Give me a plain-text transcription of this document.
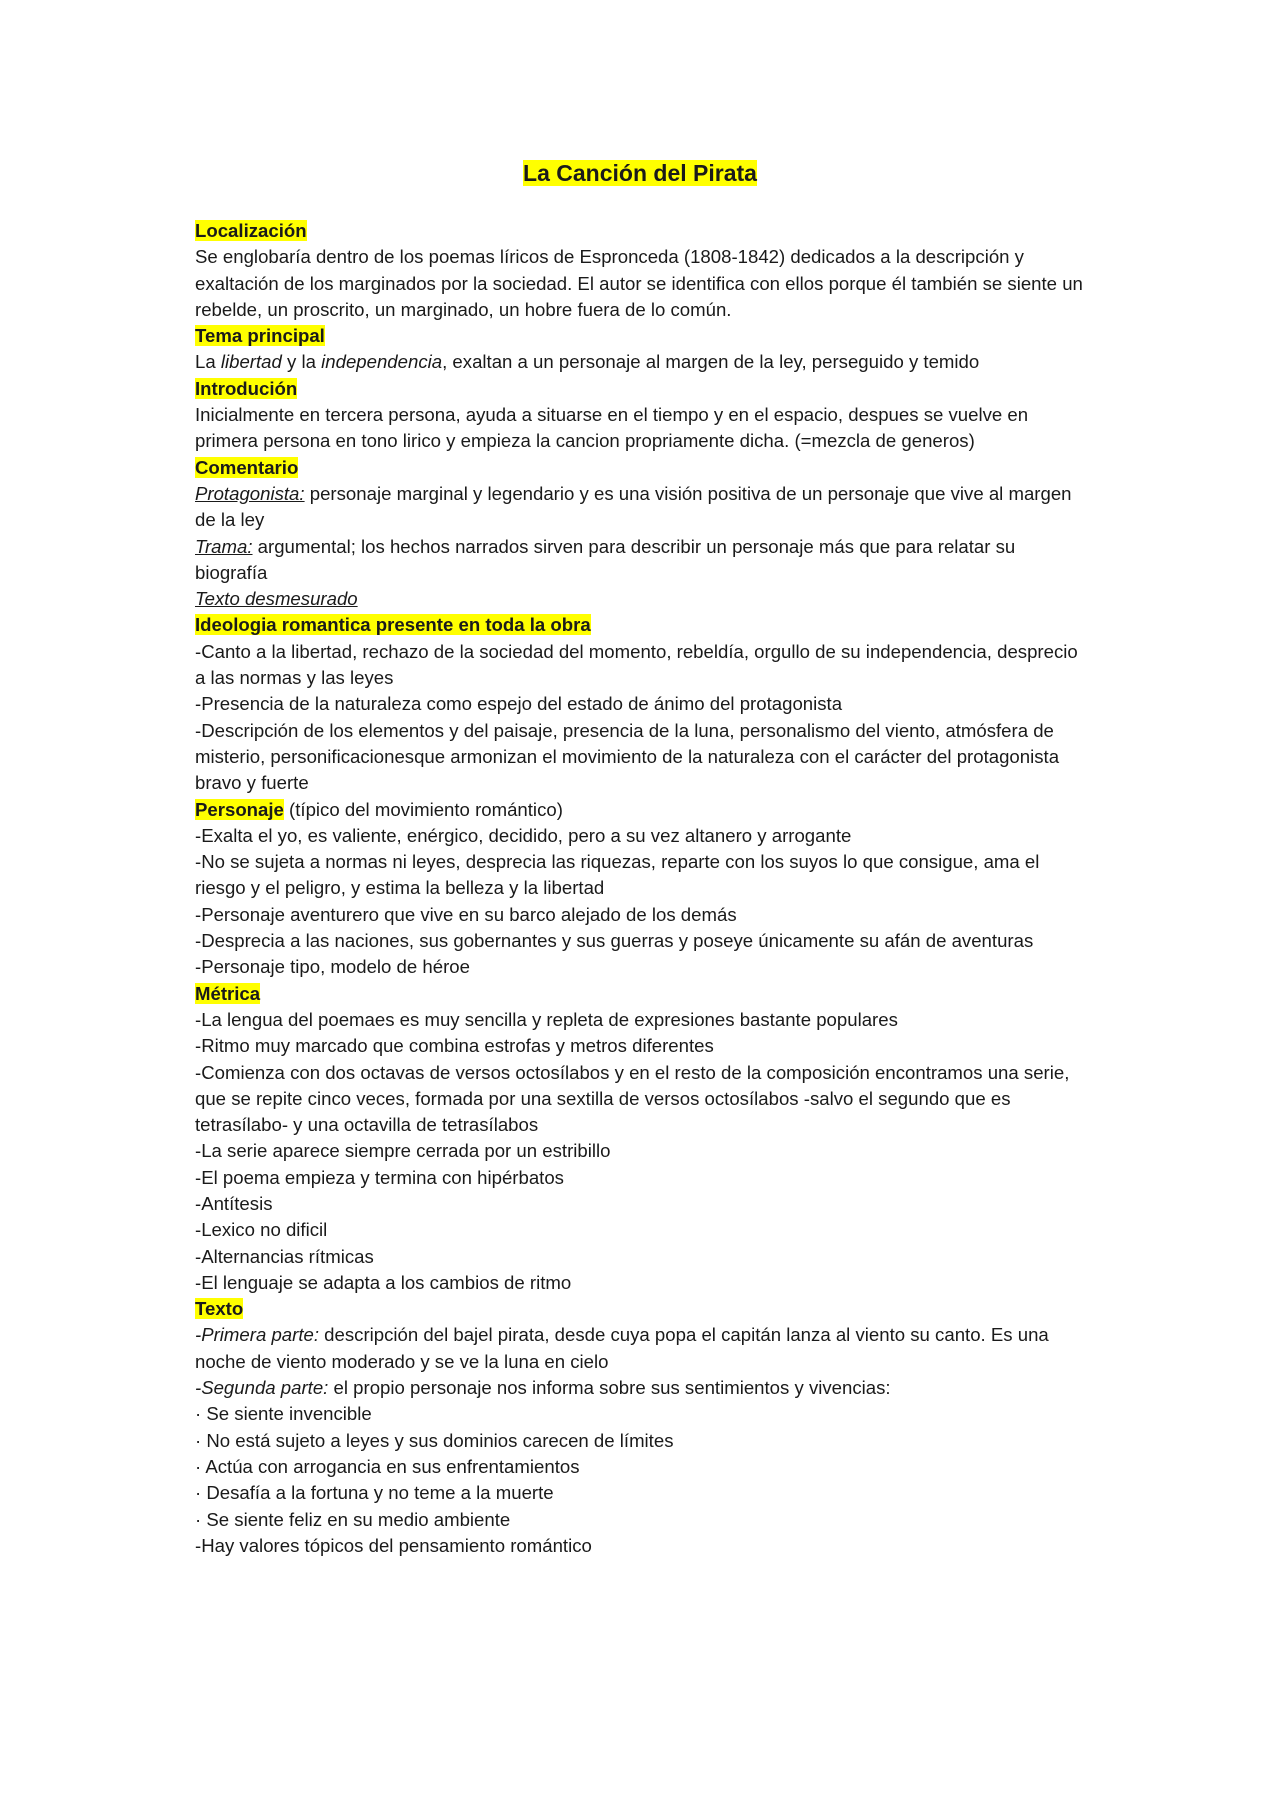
La Canción del Pirata

Localización

Se englobaría dentro de los poemas líricos de Espronceda (1808-1842) dedicados a la descripción y exaltación de los marginados por la sociedad. El autor se identifica con ellos porque él también se siente un rebelde, un proscrito, un marginado, un hobre fuera de lo común.

Tema principal

La libertad y la independencia, exaltan a un personaje al margen de la ley, perseguido y temido

Introdución

Inicialmente en tercera persona, ayuda a situarse en el tiempo y en el espacio, despues se vuelve en primera persona en tono lirico y empieza la cancion propriamente dicha. (=mezcla de generos)

Comentario

Protagonista: personaje marginal y legendario y es una visión positiva de un personaje que vive al margen de la ley

Trama: argumental; los hechos narrados sirven para describir un personaje más que para relatar su biografía

Texto desmesurado

Ideologia romantica presente en toda la obra

-Canto a la libertad, rechazo de la sociedad del momento, rebeldía, orgullo de su independencia, desprecio a las normas y las leyes

-Presencia de la naturaleza como espejo del estado de ánimo del protagonista

-Descripción de los elementos y del paisaje, presencia de la luna, personalismo del viento, atmósfera de misterio, personificacionesque armonizan el movimiento de la naturaleza con el carácter del protagonista bravo y fuerte

Personaje (típico del movimiento romántico)

-Exalta el yo, es valiente, enérgico, decidido, pero a su vez altanero y arrogante

-No se sujeta a normas ni leyes, desprecia las riquezas, reparte con los suyos lo que consigue, ama el riesgo y el peligro, y estima la belleza y la libertad

-Personaje aventurero que vive en su barco alejado de los demás

-Desprecia a las naciones, sus gobernantes y sus guerras y poseye únicamente su afán de aventuras

-Personaje tipo, modelo de héroe

Métrica

-La lengua del poemaes es muy sencilla y repleta de expresiones bastante populares

-Ritmo muy marcado que combina estrofas y metros diferentes

-Comienza con dos octavas de versos octosílabos y en el resto de la composición encontramos una serie, que se repite cinco veces, formada por una sextilla de versos octosílabos -salvo el segundo que es tetrasílabo- y una octavilla de tetrasílabos

-La serie aparece siempre cerrada por un estribillo

-El poema empieza y termina con hipérbatos

-Antítesis

-Lexico no dificil

-Alternancias rítmicas

-El lenguaje se adapta a los cambios de ritmo

Texto

-Primera parte: descripción del bajel pirata, desde cuya popa el capitán lanza al viento su canto. Es una noche de viento moderado y se ve la luna en cielo

-Segunda parte: el propio personaje nos informa sobre sus sentimientos y vivencias:

· Se siente invencible

· No está sujeto a leyes y sus dominios carecen de límites

· Actúa con arrogancia en sus enfrentamientos

· Desafía a la fortuna y no teme a la muerte

· Se siente feliz en su medio ambiente

-Hay valores tópicos del pensamiento romántico
